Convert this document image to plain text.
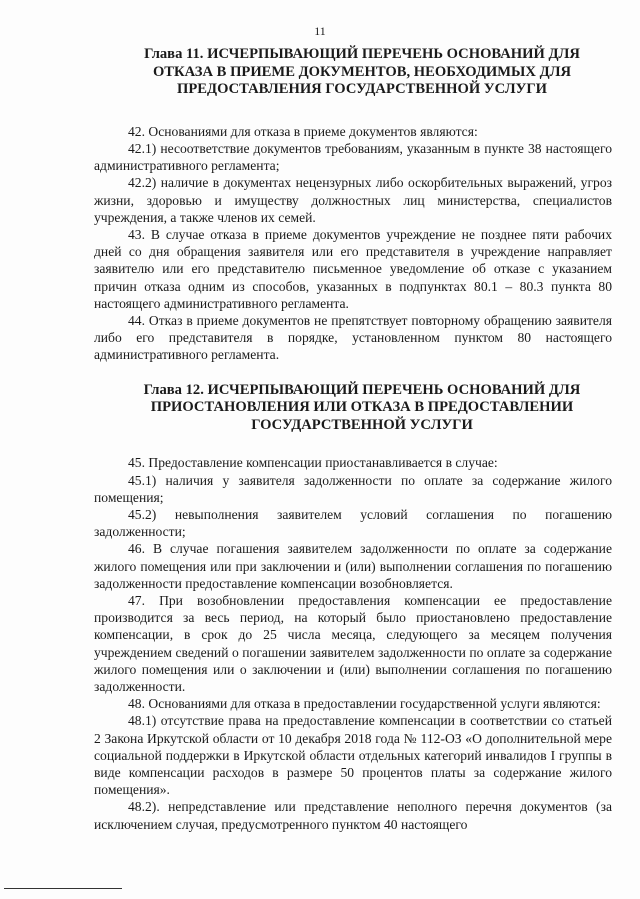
11
Глава 11. ИСЧЕРПЫВАЮЩИЙ ПЕРЕЧЕНЬ ОСНОВАНИЙ ДЛЯ ОТКАЗА В ПРИЕМЕ ДОКУМЕНТОВ, НЕОБХОДИМЫХ ДЛЯ ПРЕДОСТАВЛЕНИЯ ГОСУДАРСТВЕННОЙ УСЛУГИ

42. Основаниями для отказа в приеме документов являются:

42.1) несоответствие документов требованиям, указанным в пункте 38 настоящего административного регламента;

42.2) наличие в документах нецензурных либо оскорбительных выражений, угроз жизни, здоровью и имуществу должностных лиц министерства, специалистов учреждения, а также членов их семей.

43. В случае отказа в приеме документов учреждение не позднее пяти рабочих дней со дня обращения заявителя или его представителя в учреждение направляет заявителю или его представителю письменное уведомление об отказе с указанием причин отказа одним из способов, указанных в подпунктах 80.1 – 80.3 пункта 80 настоящего административного регламента.

44. Отказ в приеме документов не препятствует повторному обращению заявителя либо его представителя в порядке, установленном пунктом 80 настоящего административного регламента.

Глава 12. ИСЧЕРПЫВАЮЩИЙ ПЕРЕЧЕНЬ ОСНОВАНИЙ ДЛЯ ПРИОСТАНОВЛЕНИЯ ИЛИ ОТКАЗА В ПРЕДОСТАВЛЕНИИ ГОСУДАРСТВЕННОЙ УСЛУГИ

45. Предоставление компенсации приостанавливается в случае:

45.1) наличия у заявителя задолженности по оплате за содержание жилого помещения;

45.2) невыполнения заявителем условий соглашения по погашению задолженности;

46. В случае погашения заявителем задолженности по оплате за содержание жилого помещения или при заключении и (или) выполнении соглашения по погашению задолженности предоставление компенсации возобновляется.

47. При возобновлении предоставления компенсации ее предоставление производится за весь период, на который было приостановлено предоставление компенсации, в срок до 25 числа месяца, следующего за месяцем получения учреждением сведений о погашении заявителем задолженности по оплате за содержание жилого помещения или о заключении и (или) выполнении соглашения по погашению задолженности.

48. Основаниями для отказа в предоставлении государственной услуги являются:

48.1) отсутствие права на предоставление компенсации в соответствии со статьей 2 Закона Иркутской области от 10 декабря 2018 года № 112-ОЗ «О дополнительной мере социальной поддержки в Иркутской области отдельных категорий инвалидов I группы в виде компенсации расходов в размере 50 процентов платы за содержание жилого помещения».

48.2). непредставление или представление неполного перечня документов (за исключением случая, предусмотренного пунктом 40 настоящего
